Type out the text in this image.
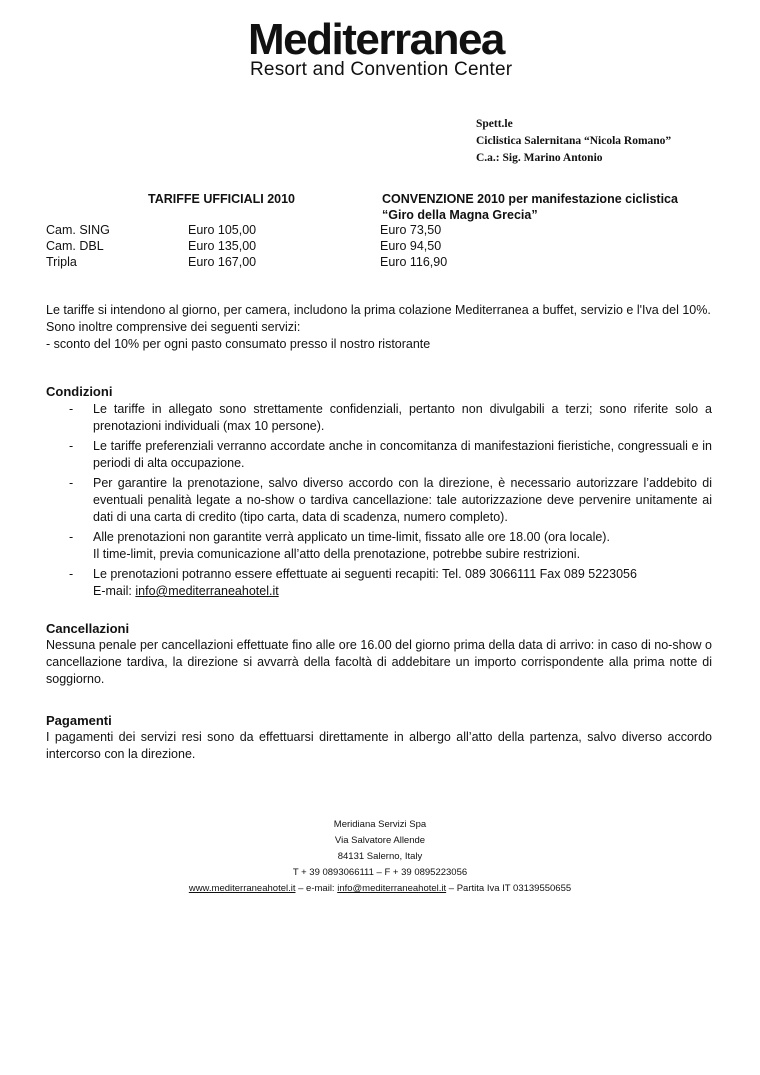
Mediterranea
Resort and Convention Center
Spett.le
Ciclistica Salernitana “Nicola Romano”
C.a.: Sig. Marino Antonio
TARIFFE UFFICIALI 2010	CONVENZIONE 2010 per manifestazione ciclistica “Giro della Magna Grecia”
Cam. SING	Euro 105,00	Euro 73,50
Cam. DBL	Euro 135,00	Euro 94,50
Tripla	Euro 167,00	Euro 116,90
Le tariffe si intendono al giorno, per camera, includono la prima colazione Mediterranea a buffet, servizio e l'Iva del 10%.
Sono inoltre comprensive dei seguenti servizi:
- sconto del 10% per ogni pasto consumato presso il nostro ristorante
Condizioni
- Le tariffe in allegato sono strettamente confidenziali, pertanto non divulgabili a terzi; sono riferite solo a prenotazioni individuali (max 10 persone).
- Le tariffe preferenziali verranno accordate anche in concomitanza di manifestazioni fieristiche, congressuali e in periodi di alta occupazione.
- Per garantire la prenotazione, salvo diverso accordo con la direzione, è necessario autorizzare l’addebito di eventuali penalità legate a no-show o tardiva cancellazione: tale autorizzazione deve pervenire unitamente ai dati di una carta di credito (tipo carta, data di scadenza, numero completo).
- Alle prenotazioni non garantite verrà applicato un time-limit, fissato alle ore 18.00 (ora locale).
Il time-limit, previa comunicazione all’atto della prenotazione, potrebbe subire restrizioni.
- Le prenotazioni potranno essere effettuate ai seguenti recapiti: Tel. 089 3066111 Fax 089 5223056
E-mail: info@mediterraneahotel.it
Cancellazioni
Nessuna penale per cancellazioni effettuate fino alle ore 16.00 del giorno prima della data di arrivo: in caso di no-show o cancellazione tardiva, la direzione si avvarrà della facoltà di addebitare un importo corrispondente alla prima notte di soggiorno.
Pagamenti
I pagamenti dei servizi resi sono da effettuarsi direttamente in albergo all’atto della partenza, salvo diverso accordo intercorso con la direzione.
Meridiana Servizi Spa
Via Salvatore Allende
84131 Salerno, Italy
T + 39 0893066111 – F + 39 0895223056
www.mediterraneahotel.it – e-mail: info@mediterraneahotel.it – Partita Iva IT 03139550655
